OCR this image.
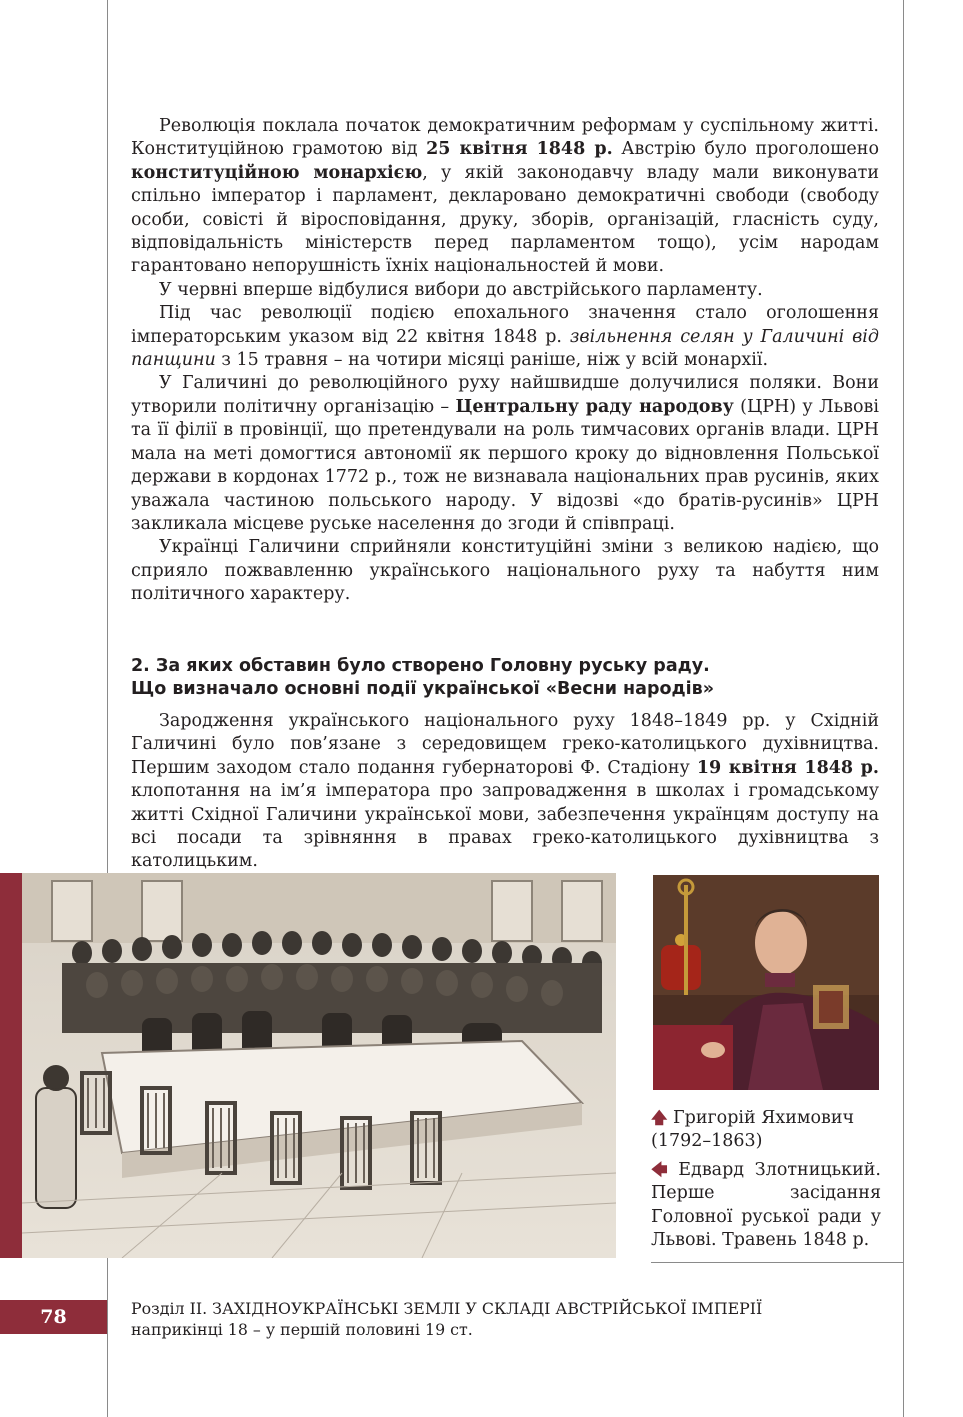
Революція поклала початок демократичним реформам у суспільному житті. Конституційною грамотою від 25 квітня 1848 р. Австрію було проголошено конституційною монархією, у якій законодавчу владу мали виконувати спільно імператор і парламент, декларовано демократичні свободи (свободу особи, совісті й віросповідання, друку, зборів, організацій, гласність суду, відповідальність міністерств перед парламентом тощо), усім народам гарантовано непорушність їхніх національностей й мови.

У червні вперше відбулися вибори до австрійського парламенту.

Під час революції подією епохального значення стало оголошення імператорським указом від 22 квітня 1848 р. звільнення селян у Галичині від панщини з 15 травня – на чотири місяці раніше, ніж у всій монархії.

У Галичині до революційного руху найшвидше долучилися поляки. Вони утворили політичну організацію – Центральну раду народову (ЦРН) у Львові та її філії в провінції, що претендували на роль тимчасових органів влади. ЦРН мала на меті домогтися автономії як першого кроку до відновлення Польської держави в кордонах 1772 р., тож не визнавала національних прав русинів, яких уважала частиною польського народу. У відозві «до братів-русинів» ЦРН закликала місцеве руське населення до згоди й співпраці.

Українці Галичини сприйняли конституційні зміни з великою надією, що сприяло пожвавленню українського національного руху та набуття ним політичного характеру.

2. За яких обставин було створено Головну руську раду.
Що визначало основні події української «Весни народів»

Зародження українського національного руху 1848–1849 рр. у Східній Галичині було пов’язане з середовищем греко-католицького духівництва. Першим заходом стало подання губернаторові Ф. Стадіону 19 квітня 1848 р. клопотання на ім’я імператора про запровадження в школах і громадському житті Східної Галичини української мови, забезпечення українцям доступу на всі посади та зрівняння в правах греко-католицького духівництва з католицьким.

🡅 Григорій Яхимович (1792–1863)
🡄 Едвард Злотницький. Перше засідання Головної руської ради у Львові. Травень 1848 р.
78	Розділ ІІ. ЗАХІДНОУКРАЇНСЬКІ ЗЕМЛІ У СКЛАДІ АВСТРІЙСЬКОЇ ІМПЕРІЇ
наприкінці 18 – у першій половині 19 ст.
